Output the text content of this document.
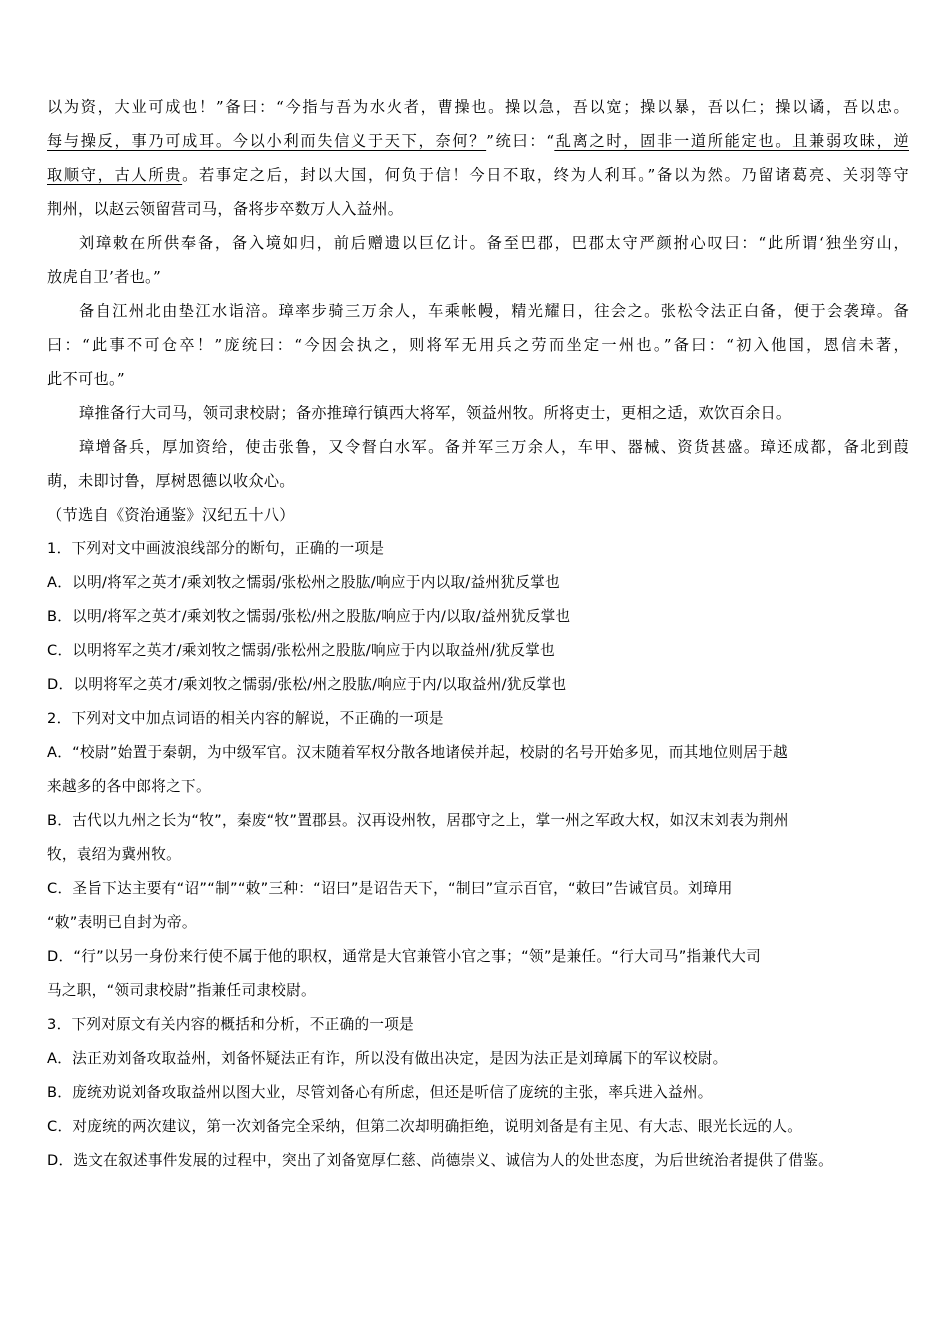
以为资，大业可成也！”备曰：“今指与吾为水火者，曹操也。操以急，吾以宽；操以暴，吾以仁；操以谲，吾以忠。
每与操反，事乃可成耳。今以小利而失信义于天下，奈何？”统曰：“乱离之时，固非一道所能定也。且兼弱攻昧，逆
取顺守，古人所贵。若事定之后，封以大国，何负于信！今日不取，终为人利耳。”备以为然。乃留诸葛亮、关羽等守
荆州，以赵云领留营司马，备将步卒数万人入益州。
刘璋敕在所供奉备，备入境如归，前后赠遗以巨亿计。备至巴郡，巴郡太守严颜拊心叹曰：“此所谓‘独坐穷山，
放虎自卫’者也。”
备自江州北由垫江水诣涪。璋率步骑三万余人，车乘帐幔，精光耀日，往会之。张松令法正白备，便于会袭璋。备
曰：“此事不可仓卒！”庞统曰：“今因会执之，则将军无用兵之劳而坐定一州也。”备曰：“初入他国，恩信未著，
此不可也。”
璋推备行大司马，领司隶校尉；备亦推璋行镇西大将军，领益州牧。所将吏士，更相之适，欢饮百余日。
璋增备兵，厚加资给，使击张鲁，又令督白水军。备并军三万余人，车甲、器械、资货甚盛。璋还成都，备北到葭
萌，未即讨鲁，厚树恩德以收众心。
（节选自《资治通鉴》汉纪五十八）
1．下列对文中画波浪线部分的断句，正确的一项是
A．以明/将军之英才/乘刘牧之懦弱/张松州之股肱/响应于内以取/益州犹反掌也
B．以明/将军之英才/乘刘牧之懦弱/张松/州之股肱/响应于内/以取/益州犹反掌也
C．以明将军之英才/乘刘牧之懦弱/张松州之股肱/响应于内以取益州/犹反掌也
D．以明将军之英才/乘刘牧之懦弱/张松/州之股肱/响应于内/以取益州/犹反掌也
2．下列对文中加点词语的相关内容的解说，不正确的一项是
A．“校尉”始置于秦朝，为中级军官。汉末随着军权分散各地诸侯并起，校尉的名号开始多见，而其地位则居于越
来越多的各中郎将之下。
B．古代以九州之长为“牧”，秦废“牧”置郡县。汉再设州牧，居郡守之上，掌一州之军政大权，如汉末刘表为荆州
牧，袁绍为冀州牧。
C．圣旨下达主要有“诏”“制”“敕”三种：“诏曰”是诏告天下，“制曰”宣示百官，“敕曰”告诫官员。刘璋用
“敕”表明已自封为帝。
D．“行”以另一身份来行使不属于他的职权，通常是大官兼管小官之事；“领”是兼任。“行大司马”指兼代大司
马之职，“领司隶校尉”指兼任司隶校尉。
3．下列对原文有关内容的概括和分析，不正确的一项是
A．法正劝刘备攻取益州，刘备怀疑法正有诈，所以没有做出决定，是因为法正是刘璋属下的军议校尉。
B．庞统劝说刘备攻取益州以图大业，尽管刘备心有所虑，但还是听信了庞统的主张，率兵进入益州。
C．对庞统的两次建议，第一次刘备完全采纳，但第二次却明确拒绝，说明刘备是有主见、有大志、眼光长远的人。
D．选文在叙述事件发展的过程中，突出了刘备宽厚仁慈、尚德崇义、诚信为人的处世态度，为后世统治者提供了借鉴。
